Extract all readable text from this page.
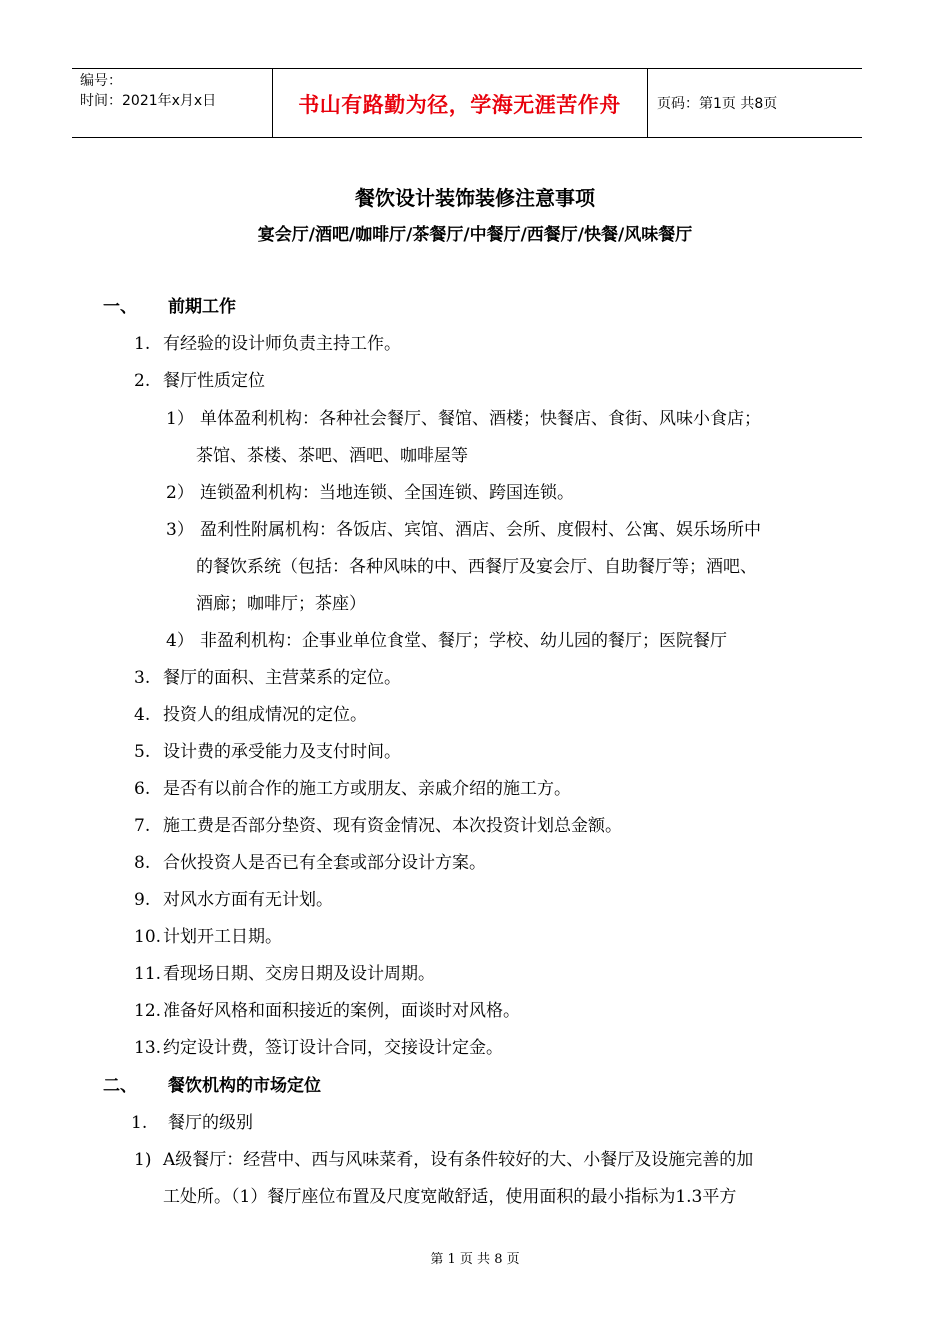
编号：
时间：2021年x月x日	书山有路勤为径，学海无涯苦作舟	页码：第1页 共8页
餐饮设计装饰装修注意事项
宴会厅/酒吧/咖啡厅/茶餐厅/中餐厅/西餐厅/快餐/风味餐厅
一、 前期工作
1. 有经验的设计师负责主持工作。
2. 餐厅性质定位
1） 单体盈利机构：各种社会餐厅、餐馆、酒楼；快餐店、食街、风味小食店；
茶馆、茶楼、茶吧、酒吧、咖啡屋等
2） 连锁盈利机构：当地连锁、全国连锁、跨国连锁。
3） 盈利性附属机构：各饭店、宾馆、酒店、会所、度假村、公寓、娱乐场所中
的餐饮系统（包括：各种风味的中、西餐厅及宴会厅、自助餐厅等；酒吧、
酒廊；咖啡厅；茶座）
4） 非盈利机构：企事业单位食堂、餐厅；学校、幼儿园的餐厅；医院餐厅
3. 餐厅的面积、主营菜系的定位。
4. 投资人的组成情况的定位。
5. 设计费的承受能力及支付时间。
6. 是否有以前合作的施工方或朋友、亲戚介绍的施工方。
7. 施工费是否部分垫资、现有资金情况、本次投资计划总金额。
8. 合伙投资人是否已有全套或部分设计方案。
9. 对风水方面有无计划。
10. 计划开工日期。
11. 看现场日期、交房日期及设计周期。
12. 准备好风格和面积接近的案例，面谈时对风格。
13. 约定设计费，签订设计合同，交接设计定金。
二、 餐饮机构的市场定位
1. 餐厅的级别
1) A级餐厅：经营中、西与风味菜肴，设有条件较好的大、小餐厅及设施完善的加
工处所。（1）餐厅座位布置及尺度宽敞舒适，使用面积的最小指标为1.3平方
第 1 页 共 8 页
